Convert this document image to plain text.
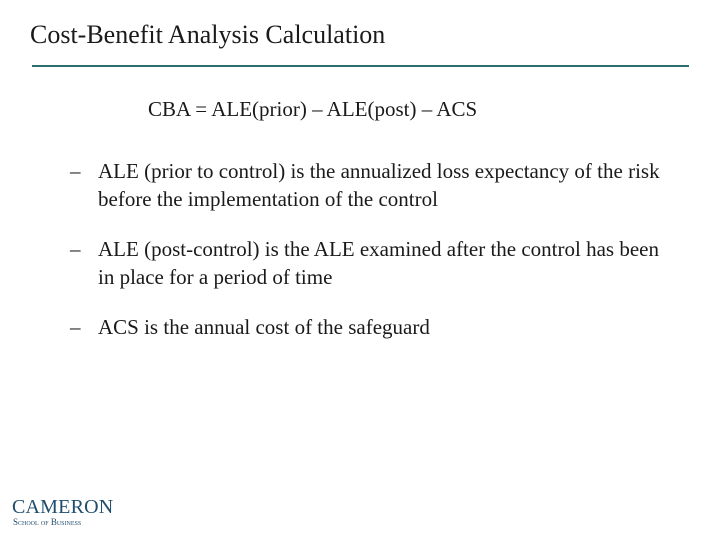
Cost-Benefit Analysis Calculation
CBA = ALE(prior) – ALE(post) – ACS
– ALE (prior to control) is the annualized loss expectancy of the risk before the implementation of the control
– ALE (post-control) is the ALE examined after the control has been in place for a period of time
– ACS is the annual cost of the safeguard
CAMERON
School of Business
